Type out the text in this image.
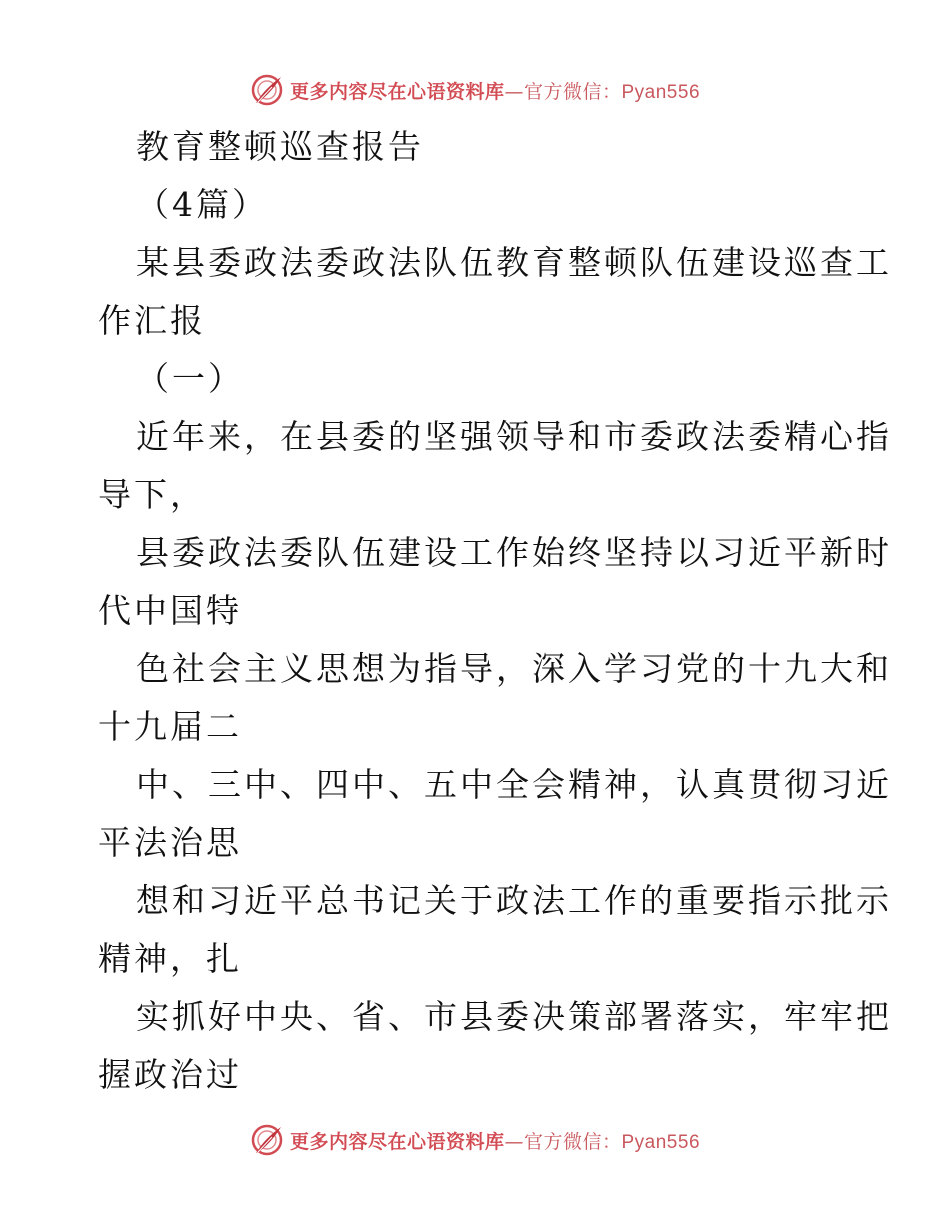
更多内容尽在心语资料库—官方微信：Pyan556
教育整顿巡查报告
（4篇）
某县委政法委政法队伍教育整顿队伍建设巡查工
作汇报
（一）
近年来，在县委的坚强领导和市委政法委精心指
导下，
县委政法委队伍建设工作始终坚持以习近平新时
代中国特
色社会主义思想为指导，深入学习党的十九大和
十九届二
中、三中、四中、五中全会精神，认真贯彻习近
平法治思
想和习近平总书记关于政法工作的重要指示批示
精神，扎
实抓好中央、省、市县委决策部署落实，牢牢把
握政治过
更多内容尽在心语资料库—官方微信：Pyan556
